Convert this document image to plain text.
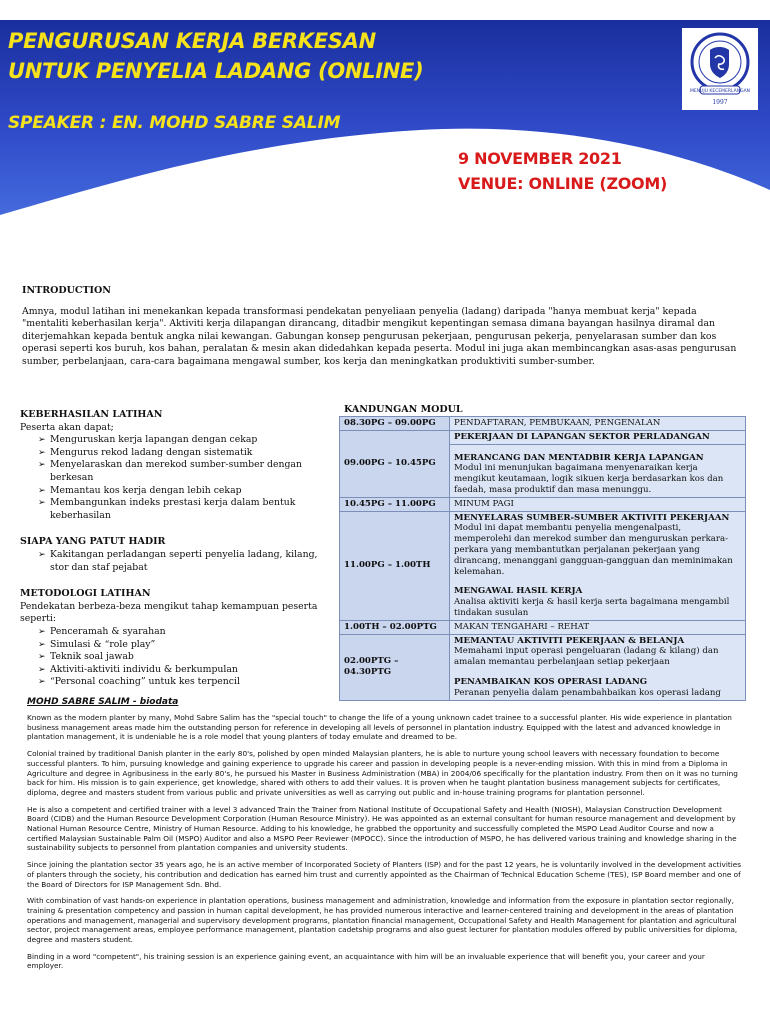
PENGURUSAN KERJA BERKESAN
UNTUK PENYELIA LADANG (ONLINE)
SPEAKER : EN. MOHD SABRE SALIM
MENUJU KECEMERLANGAN
1997
9 NOVEMBER 2021
VENUE: ONLINE (ZOOM)
INTRODUCTION

Amnya, modul latihan ini menekankan kepada transformasi pendekatan penyeliaan penyelia (ladang) daripada "hanya membuat kerja" kepada "mentaliti keberhasilan kerja". Aktiviti kerja dilapangan dirancang, ditadbir mengikut kepentingan semasa dimana bayangan hasilnya diramal dan diterjemahkan kepada bentuk angka nilai kewangan. Gabungan konsep pengurusan pekerjaan, pengurusan pekerja, penyelarasan sumber dan kos operasi seperti kos buruh, kos bahan, peralatan & mesin akan didedahkan kepada peserta. Modul ini juga akan membincangkan asas-asas pengurusan sumber, perbelanjaan, cara-cara bagaimana mengawal sumber, kos kerja dan meningkatkan produktiviti sumber-sumber.

KEBERHASILAN LATIHAN
Peserta akan dapat;
➢ Menguruskan kerja lapangan dengan cekap
➢ Mengurus rekod ladang dengan sistematik
➢ Menyelaraskan dan merekod sumber-sumber dengan berkesan
➢ Memantau kos kerja dengan lebih cekap
➢ Membangunkan indeks prestasi kerja dalam bentuk keberhasilan
SIAPA YANG PATUT HADIR
➢ Kakitangan perladangan seperti penyelia ladang, kilang, stor dan staf pejabat
METODOLOGI LATIHAN
Pendekatan berbeza-beza mengikut tahap kemampuan peserta seperti:
➢ Penceramah & syarahan
➢ Simulasi & “role play”
➢ Teknik soal jawab
➢ Aktiviti-aktiviti individu & berkumpulan
➢ “Personal coaching” untuk kes terpencil
KANDUNGAN MODUL
08.30PG – 09.00PG	PENDAFTARAN, PEMBUKAAN, PENGENALAN
09.00PG – 10.45PG	PEKERJAAN DI LAPANGAN SEKTOR PERLADANGAN

	MERANCANG DAN MENTADBIR KERJA LAPANGAN
Modul ini menunjukan bagaimana menyenaraikan kerja mengikut keutamaan, logik sikuen kerja berdasarkan kos dan faedah, masa produktif dan masa menunggu.

10.45PG – 11.00PG	MINUM PAGI
11.00PG – 1.00TH	MENYELARAS SUMBER-SUMBER AKTIVITI PEKERJAAN
Modul ini dapat membantu penyelia mengenalpasti, memperolehi dan merekod sumber dan menguruskan perkara-perkara yang membantutkan perjalanan pekerjaan yang dirancang, menanggani gangguan-gangguan dan meminimakan kelemahan.
MENGAWAL HASIL KERJA
Analisa aktiviti kerja & hasil kerja serta bagaimana mengambil tindakan susulan

1.00TH – 02.00PTG	MAKAN TENGAHARI – REHAT
02.00PTG – 04.30PTG	MEMANTAU AKTIVITI PEKERJAAN & BELANJA
Memahami input operasi pengeluaran (ladang & kilang) dan amalan memantau perbelanjaan setiap pekerjaan
PENAMBAIKAN KOS OPERASI LADANG
Peranan penyelia dalam penambahbaikan kos operasi ladang
MOHD SABRE SALIM - biodata

Known as the modern planter by many, Mohd Sabre Salim has the "special touch" to change the life of a young unknown cadet trainee to a successful planter. His wide experience in plantation business management areas made him the outstanding person for reference in developing all levels of personnel in plantation industry. Equipped with the latest and advanced knowledge in plantation management, it is undeniable he is a role model that young planters of today emulate and dreamed to be.

Colonial trained by traditional Danish planter in the early 80's, polished by open minded Malaysian planters, he is able to nurture young school leavers with necessary foundation to become successful planters. To him, pursuing knowledge and gaining experience to upgrade his career and passion in developing people is a never-ending mission. With this in mind from a Diploma in Agriculture and degree in Agribusiness in the early 80's, he pursued his Master in Business Administration (MBA) in 2004/06 specifically for the plantation industry. From then on it was no turning back for him. His mission is to gain experience, get knowledge, shared with others to add their values. It is proven when he taught plantation business management subjects for certificates, diploma, degree and masters student from various public and private universities as well as carrying out public and in-house training programs for plantation personnel.

He is also a competent and certified trainer with a level 3 advanced Train the Trainer from National Institute of Occupational Safety and Health (NIOSH), Malaysian Construction Development Board (CIDB) and the Human Resource Development Corporation (Human Resource Ministry). He was appointed as an external consultant for human resource management and development by National Human Resource Centre, Ministry of Human Resource. Adding to his knowledge, he grabbed the opportunity and successfully completed the MSPO Lead Auditor Course and now a certified Malaysian Sustainable Palm Oil (MSPO) Auditor and also a MSPO Peer Reviewer (MPOCC). Since the introduction of MSPO, he has delivered various training and knowledge sharing in the sustainability subjects to personnel from plantation companies and university students.

Since joining the plantation sector 35 years ago, he is an active member of Incorporated Society of Planters (ISP) and for the past 12 years, he is voluntarily involved in the development activities of planters through the society, his contribution and dedication has earned him trust and currently appointed as the Chairman of Technical Education Scheme (TES), ISP Board member and one of the Board of Directors for ISP Management Sdn. Bhd.

With combination of vast hands-on experience in plantation operations, business management and administration, knowledge and information from the exposure in plantation sector regionally, training & presentation competency and passion in human capital development, he has provided numerous interactive and learner-centered training and development in the areas of plantation operations and management, managerial and supervisory development programs, plantation financial management, Occupational Safety and Health Management for plantation and agricultural sector, project management areas, employee performance management, plantation cadetship programs and also guest lecturer for plantation modules offered by public universities for diploma, degree and masters student.

Binding in a word "competent", his training session is an experience gaining event, an acquaintance with him will be an invaluable experience that will benefit you, your career and your employer.
